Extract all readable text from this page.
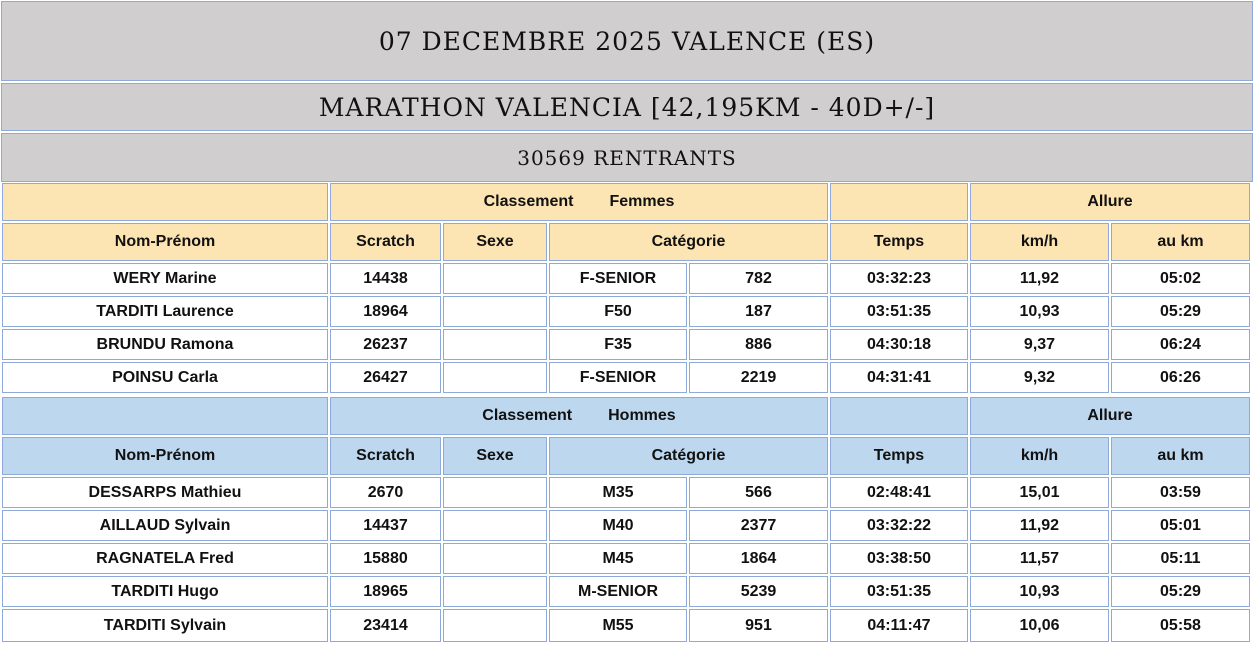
07 DECEMBRE 2025 VALENCE (ES)
MARATHON VALENCIA [42,195KM - 40D+/-]
30569 RENTRANTS
	Classement Femmes					Allure	
Nom-Prénom	Scratch	Sexe	Catégorie		Temps	km/h	au km
WERY Marine	14438		F-SENIOR	782	03:32:23	11,92	05:02
TARDITI Laurence	18964		F50	187	03:51:35	10,93	05:29
BRUNDU Ramona	26237		F35	886	04:30:18	9,37	06:24
POINSU Carla	26427		F-SENIOR	2219	04:31:41	9,32	06:26
	Classement Hommes					Allure	
Nom-Prénom	Scratch	Sexe	Catégorie		Temps	km/h	au km
DESSARPS Mathieu	2670		M35	566	02:48:41	15,01	03:59
AILLAUD Sylvain	14437		M40	2377	03:32:22	11,92	05:01
RAGNATELA Fred	15880		M45	1864	03:38:50	11,57	05:11
TARDITI Hugo	18965		M-SENIOR	5239	03:51:35	10,93	05:29
TARDITI Sylvain	23414		M55	951	04:11:47	10,06	05:58
